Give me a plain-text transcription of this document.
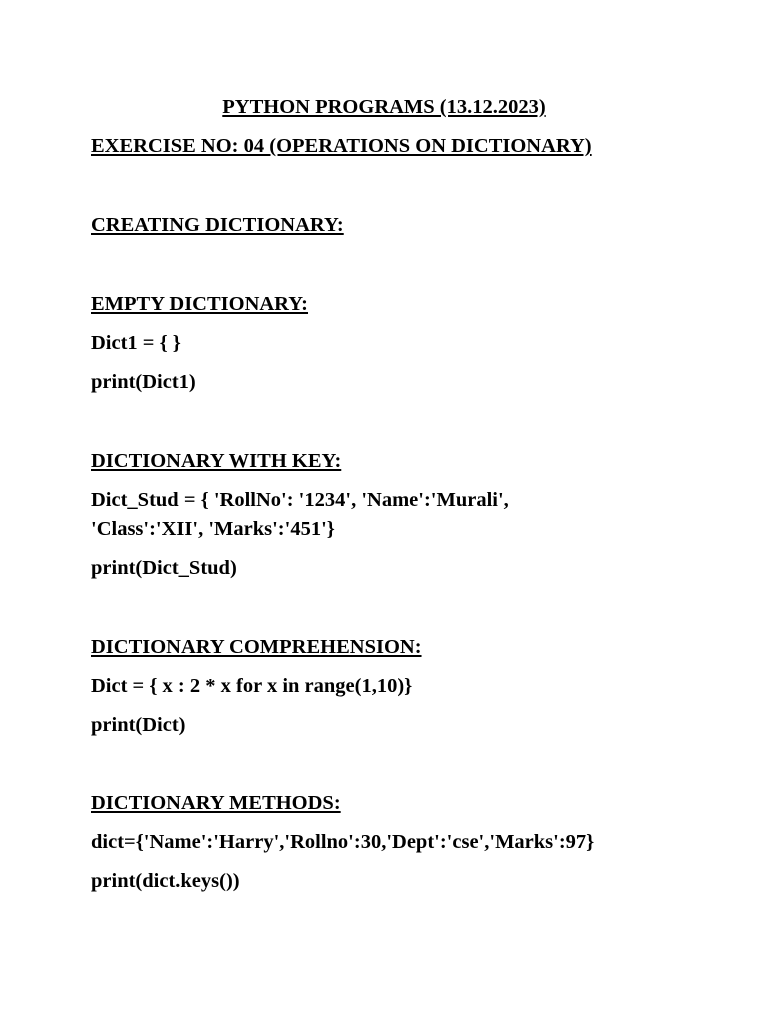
PYTHON PROGRAMS (13.12.2023)

EXERCISE NO: 04 (OPERATIONS ON DICTIONARY)

CREATING DICTIONARY:

EMPTY DICTIONARY:

Dict1 = { }

print(Dict1)

DICTIONARY WITH KEY:

Dict_Stud = { 'RollNo': '1234', 'Name':'Murali',

'Class':'XII', 'Marks':'451'}

print(Dict_Stud)

DICTIONARY COMPREHENSION:

Dict = { x : 2 * x for x in range(1,10)}

print(Dict)

DICTIONARY METHODS:

dict={'Name':'Harry','Rollno':30,'Dept':'cse','Marks':97}

print(dict.keys())
